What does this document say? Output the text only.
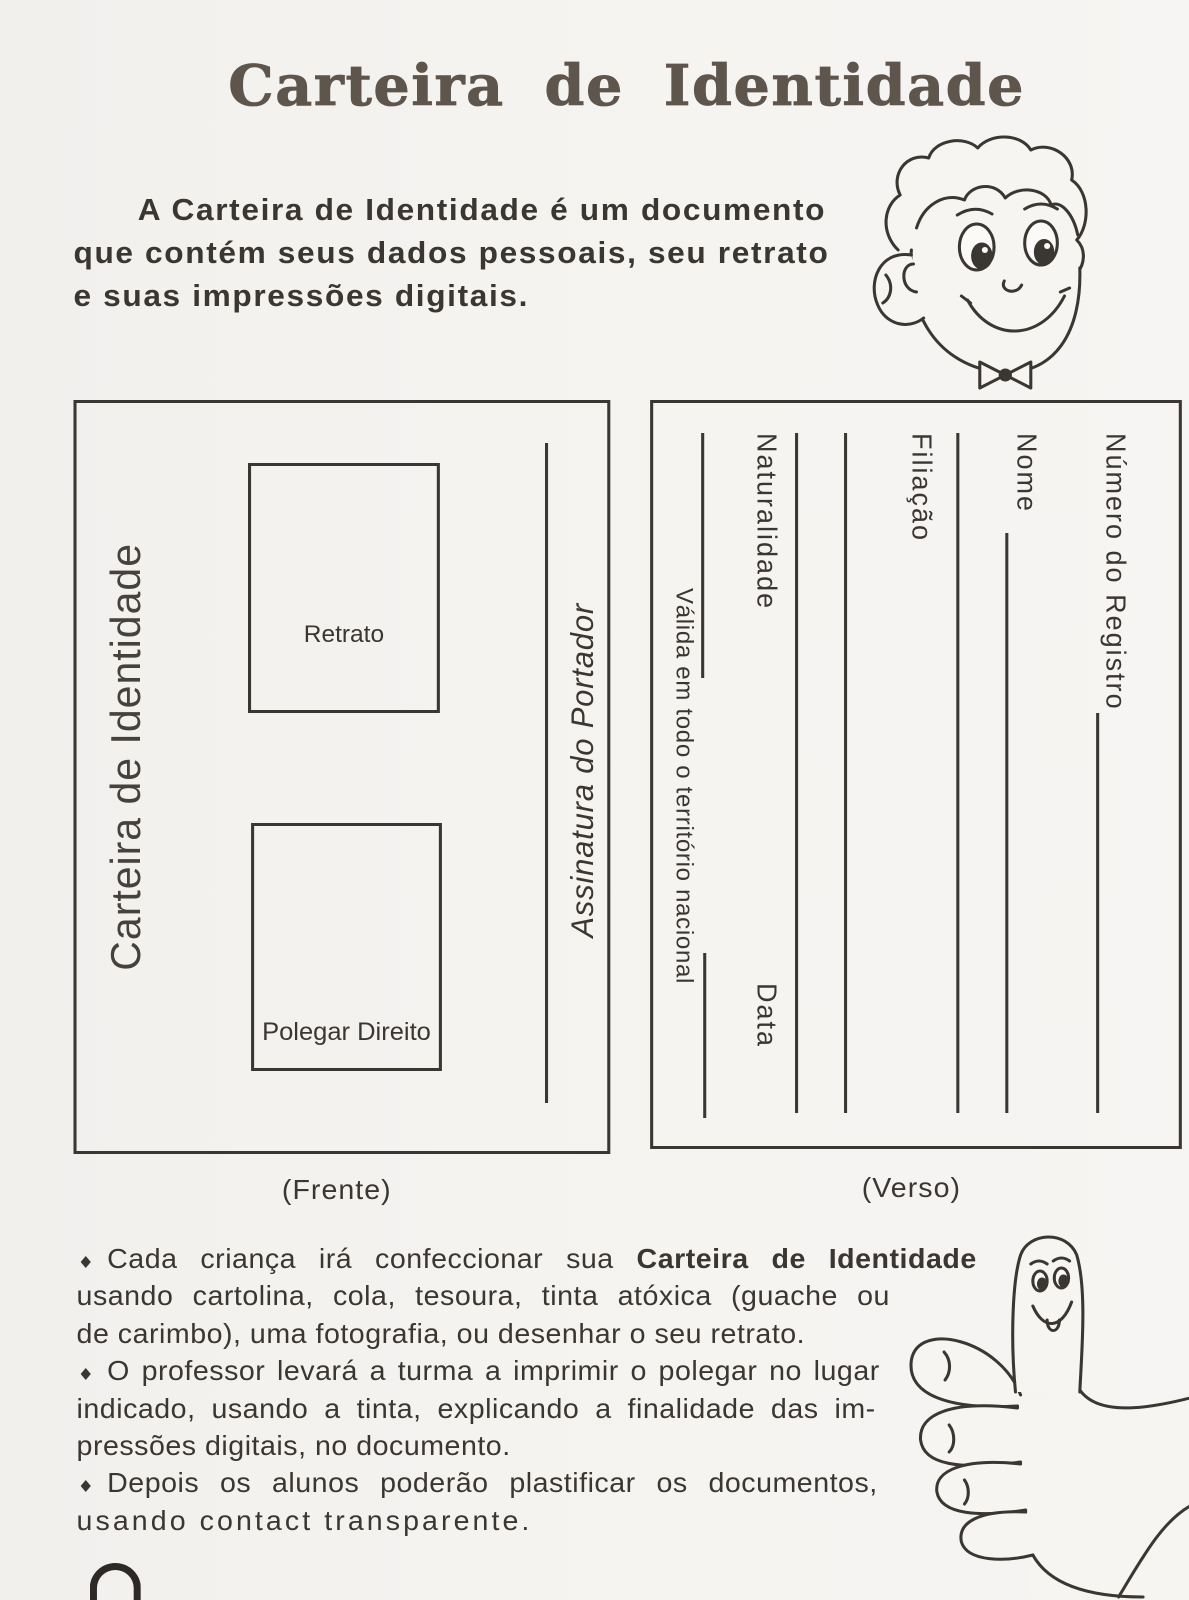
Carteira de Identidade
A Carteira de Identidade é um documento
que contém seus dados pessoais, seu retrato
e suas impressões digitais.
Carteira de Identidade	Retrato
Polegar Direito
Assinatura do Portador
(Frente)
Número do Registro
Nome
Filiação
Naturalidade
Data
Válida em todo o território nacional
(Verso)
Cada criança irá confeccionar sua Carteira de Identidade
usando cartolina, cola, tesoura, tinta atóxica (guache ou
de carimbo), uma fotografia, ou desenhar o seu retrato.
O professor levará a turma a imprimir o polegar no lugar
indicado, usando a tinta, explicando a finalidade das im-
pressões digitais, no documento.
Depois os alunos poderão plastificar os documentos,
usando contact transparente.
